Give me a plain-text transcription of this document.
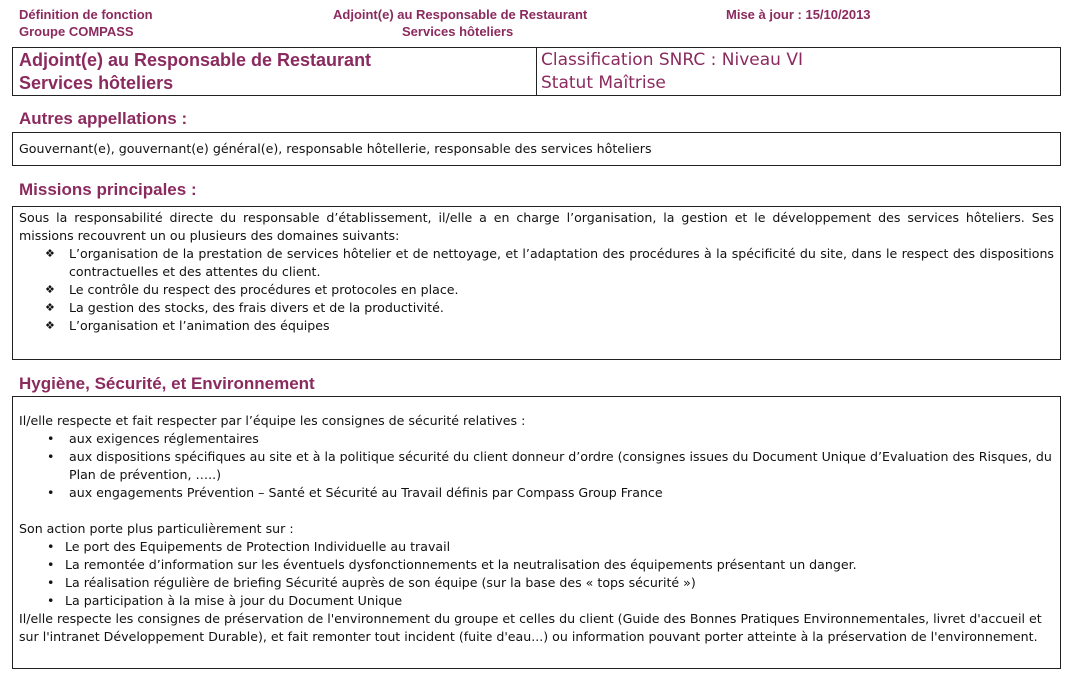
Définition de fonction
Groupe COMPASS
Adjoint(e) au Responsable de Restaurant
Services hôteliers
Mise à jour : 15/10/2013
Adjoint(e) au Responsable de Restaurant
Services hôteliers
Classification SNRC : Niveau VI
Statut Maîtrise
Autres appellations :
Gouvernant(e), gouvernant(e) général(e), responsable hôtellerie, responsable des services hôteliers
Missions principales :
Sous la responsabilité directe du responsable d’établissement, il/elle a en charge l’organisation, la gestion et le développement des services hôteliers. Ses missions recouvrent un ou plusieurs des domaines suivants:
❖ L’organisation de la prestation de services hôtelier et de nettoyage, et l’adaptation des procédures à la spécificité du site, dans le respect des dispositions contractuelles et des attentes du client.
❖ Le contrôle du respect des procédures et protocoles en place.
❖ La gestion des stocks, des frais divers et de la productivité.
❖ L’organisation et l’animation des équipes
Hygiène, Sécurité, et Environnement
Il/elle respecte et fait respecter par l’équipe les consignes de sécurité relatives :
• aux exigences réglementaires
• aux dispositions spécifiques au site et à la politique sécurité du client donneur d’ordre (consignes issues du Document Unique d’Evaluation des Risques, du Plan de prévention, …..)
• aux engagements Prévention – Santé et Sécurité au Travail définis par Compass Group France
Son action porte plus particulièrement sur :
• Le port des Equipements de Protection Individuelle au travail
• La remontée d’information sur les éventuels dysfonctionnements et la neutralisation des équipements présentant un danger.
• La réalisation régulière de briefing Sécurité auprès de son équipe (sur la base des « tops sécurité »)
• La participation à la mise à jour du Document Unique
Il/elle respecte les consignes de préservation de l'environnement du groupe et celles du client (Guide des Bonnes Pratiques Environnementales, livret d'accueil et sur l'intranet Développement Durable), et fait remonter tout incident (fuite d'eau...) ou information pouvant porter atteinte à la préservation de l'environnement.
